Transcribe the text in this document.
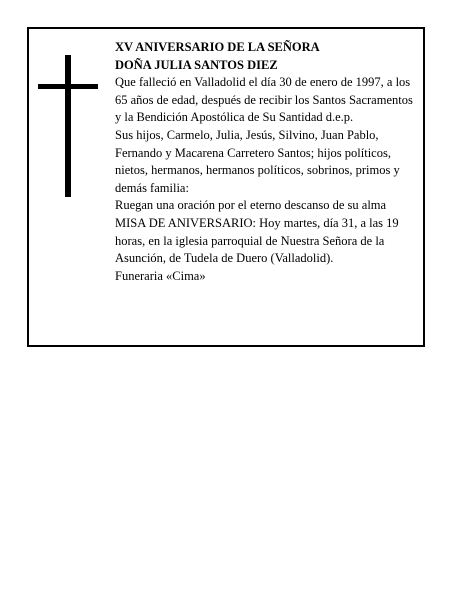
XV ANIVERSARIO DE LA SEÑORA

DOÑA JULIA SANTOS DIEZ

Que falleció en Valladolid el día 30 de enero de 1997, a los 65 años de edad, después de recibir los Santos Sacramentos y la Bendición Apostólica de Su Santidad d.e.p.

Sus hijos, Carmelo, Julia, Jesús, Silvino, Juan Pablo, Fernando y Macarena Carretero Santos; hijos políticos, nietos, hermanos, hermanos políticos, sobrinos, primos y demás familia:

Ruegan una oración por el eterno descanso de su alma

MISA DE ANIVERSARIO: Hoy martes, día 31, a las 19 horas, en la iglesia parroquial de Nuestra Señora de la Asunción, de Tudela de Duero (Valladolid).

Funeraria «Cima»
